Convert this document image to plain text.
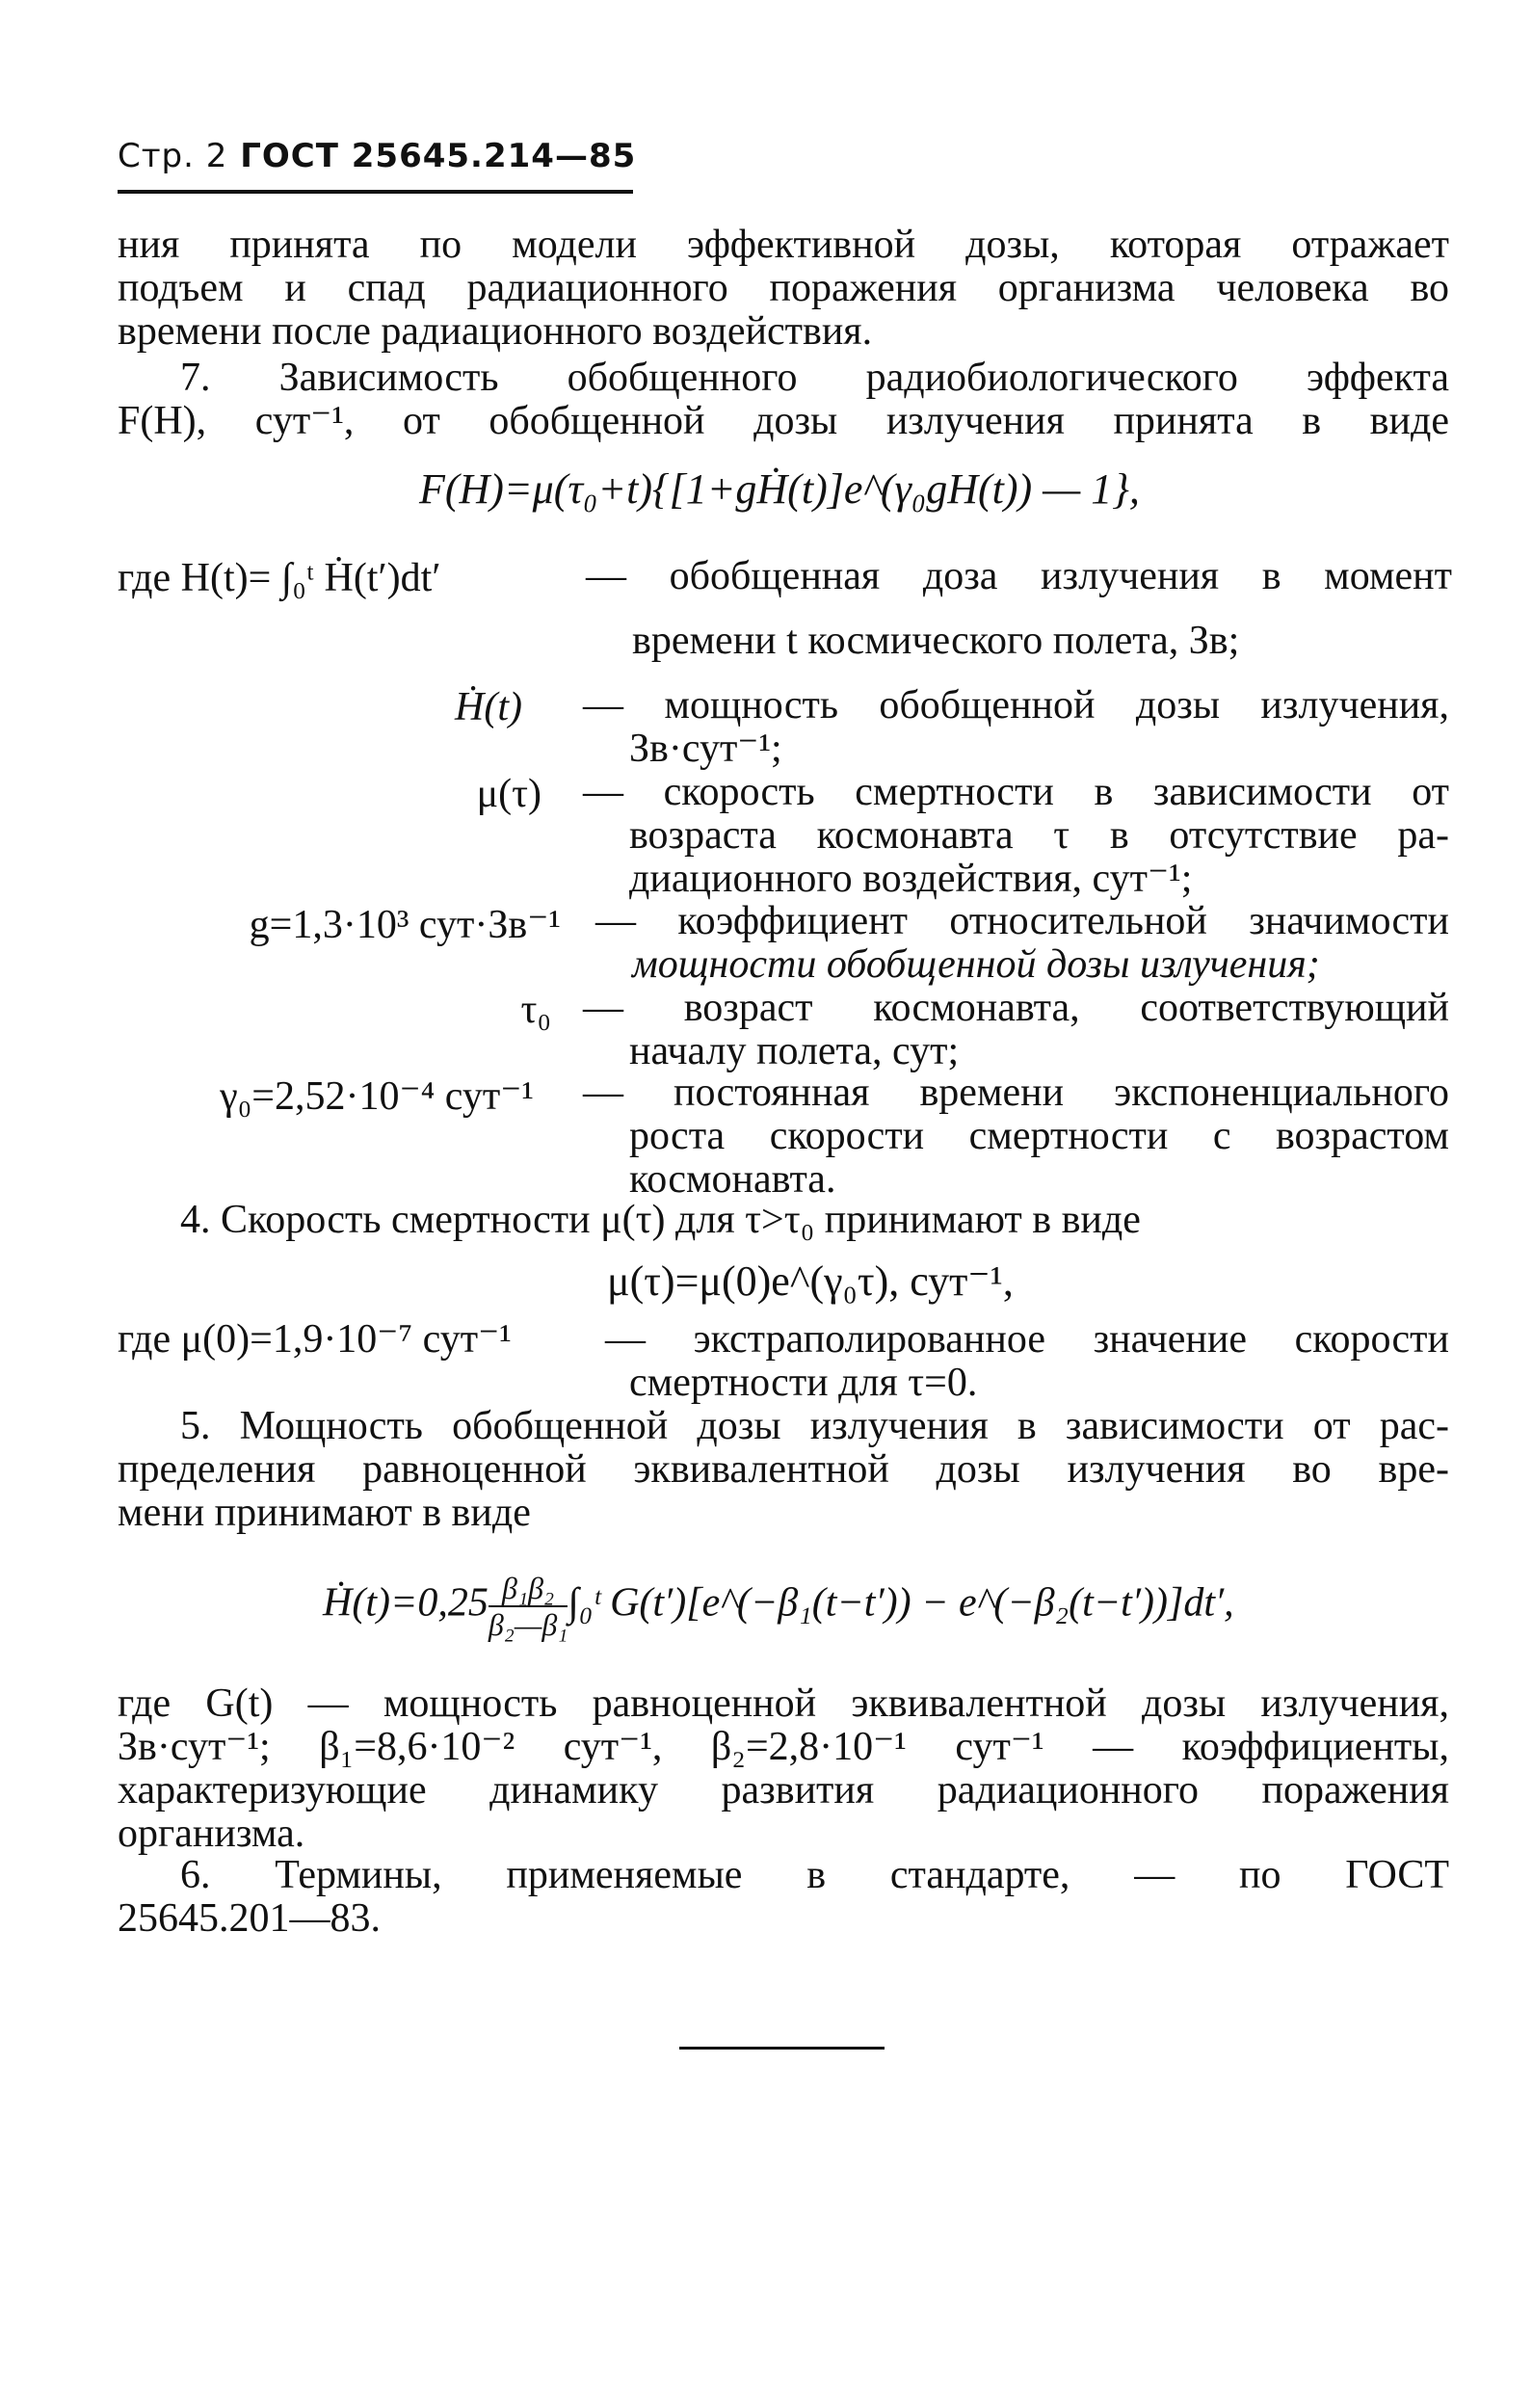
Стр. 2 ГОСТ 25645.214—85
ния принята по модели эффективной дозы, которая отражает
подъем и спад радиационного поражения организма человека во
времени после радиационного воздействия.
7. Зависимость обобщенного радиобиологического эффекта
F(H), сут⁻¹, от обобщенной дозы излучения принята в виде
F(H)=μ(τ₀+t){[1+gḢ(t)]e^(γ₀gH(t)) — 1},
где H(t)= ∫₀ᵗ Ḣ(t′)dt′	— обобщенная доза излучения в момент
времени t космического полета, Зв;
Ḣ(t) — мощность обобщенной дозы излучения,
Зв·сут⁻¹;
μ(τ) — скорость смертности в зависимости от
возраста космонавта τ в отсутствие ра-
диационного воздействия, сут⁻¹;
g=1,3·10³ сут·Зв⁻¹ — коэффициент относительной значимости
мощности обобщенной дозы излучения;
τ₀ — возраст космонавта, соответствующий
началу полета, сут;
γ₀=2,52·10⁻⁴ сут⁻¹ — постоянная времени экспоненциального
роста скорости смертности с возрастом
космонавта.
4. Скорость смертности μ(τ) для τ>τ₀ принимают в виде
μ(τ)=μ(0)e^(γ₀τ), сут⁻¹,
где μ(0)=1,9·10⁻⁷ сут⁻¹ — экстраполированное значение скорости
смертности для τ=0.
5. Мощность обобщенной дозы излучения в зависимости от рас-
пределения равноценной эквивалентной дозы излучения во вре-
мени принимают в виде
Ḣ(t)=0,25 $\frac{\text{β₁β₂}}{\text{β₂—β₁}}$ ∫₀ᵗ G(t′)[e^(−β₁(t−t′)) − e^(−β₂(t−t′))]dt′,
где G(t) — мощность равноценной эквивалентной дозы излучения,
Зв·сут⁻¹; β₁=8,6·10⁻² сут⁻¹, β₂=2,8·10⁻¹ сут⁻¹ — коэффициенты,
характеризующие динамику развития радиационного поражения
организма.
6. Термины, применяемые в стандарте, — по ГОСТ
25645.201—83.
